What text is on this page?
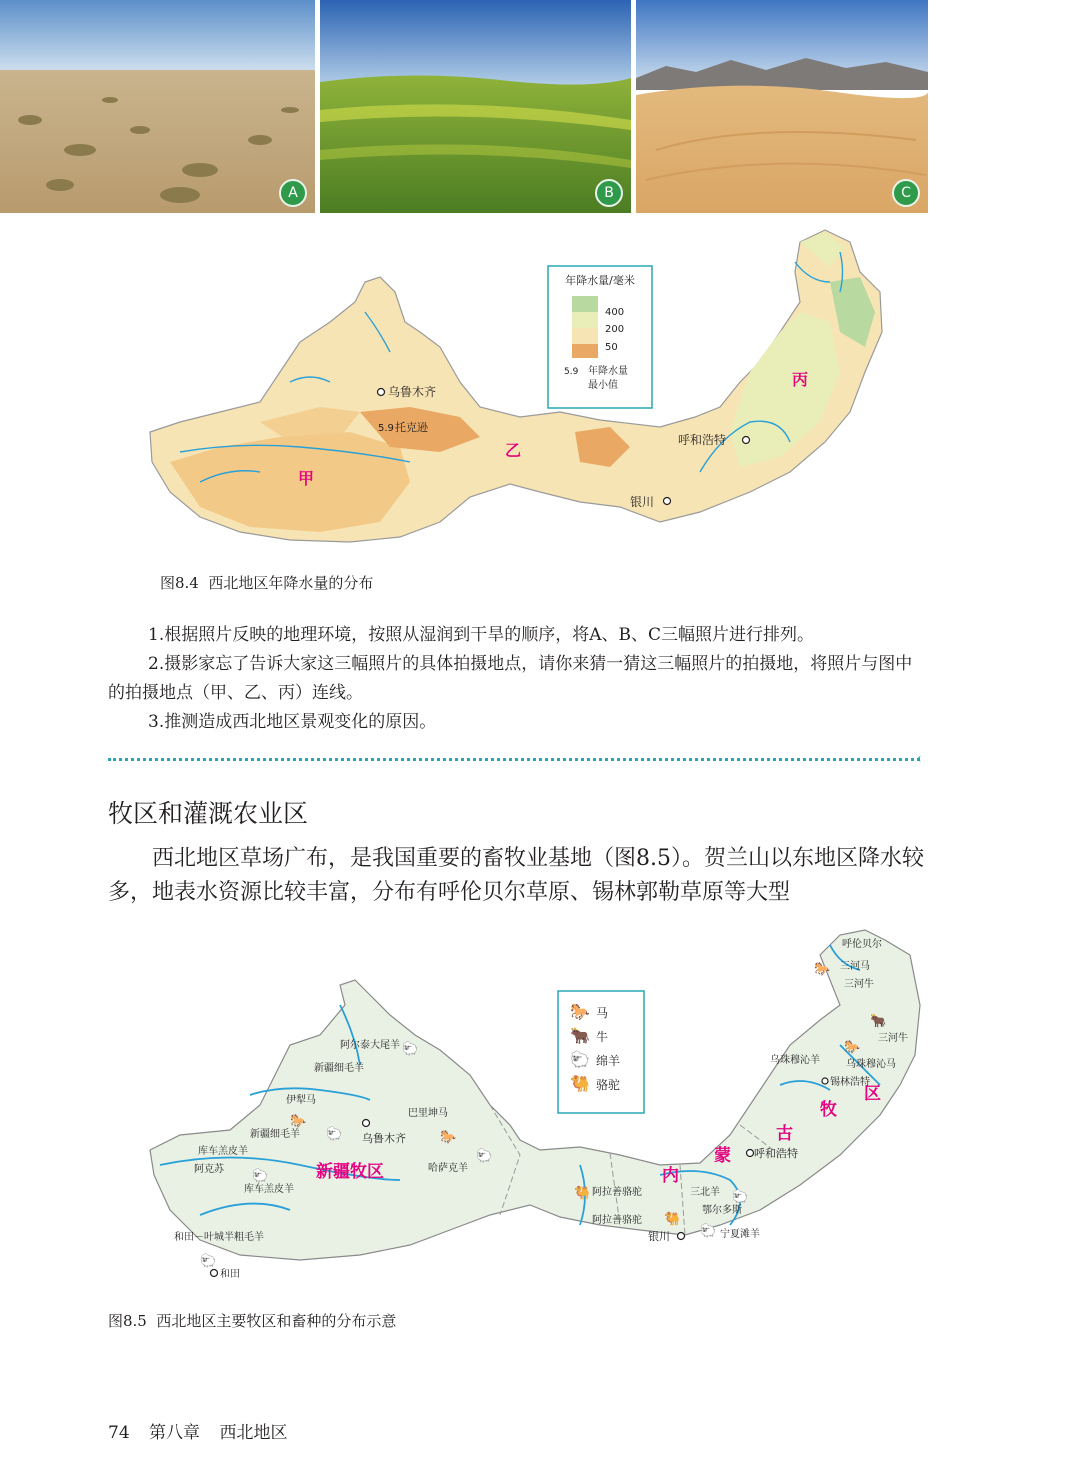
A	B	C
年降水量/毫米
400
200
50
5.9 年降水量
最小值
乌鲁木齐
5.9 托克逊
呼和浩特
银川
甲
乙
丙
图8.4 西北地区年降水量的分布
1.根据照片反映的地理环境，按照从湿润到干旱的顺序，将A、B、C三幅照片进行排列。
2.摄影家忘了告诉大家这三幅照片的具体拍摄地点，请你来猜一猜这三幅照片的拍摄地，将照片与图中的拍摄地点（甲、乙、丙）连线。
3.推测造成西北地区景观变化的原因。
‹
牧区和灌溉农业区
西北地区草场广布，是我国重要的畜牧业基地（图8.5）。贺兰山以东地区降水较多，地表水资源比较丰富，分布有呼伦贝尔草原、锡林郭勒草原等大型
🐎 马
🐂 牛
🐑 绵羊
🐫 骆驼
阿尔泰大尾羊
新疆细毛羊
伊犁马
新疆细毛羊
巴里坤马
乌鲁木齐
库车羔皮羊
阿克苏
库车羔皮羊
哈萨克羊
和田－叶城半粗毛羊
和田
新疆牧区
呼伦贝尔
三河马
三河牛
三河牛
乌珠穆沁羊	乌珠穆沁马
锡林浩特
呼和浩特
阿拉善骆驼
阿拉善骆驼
三北羊
鄂尔多斯
银川	宁夏滩羊
内
蒙
古
牧
区
🐑
🐎
🐑	🐎
🐑
🐑
🐑
🐎
🐂
🐎
🐑
🐑
🐫
🐫
图8.5 西北地区主要牧区和畜种的分布示意
74 第八章 西北地区
